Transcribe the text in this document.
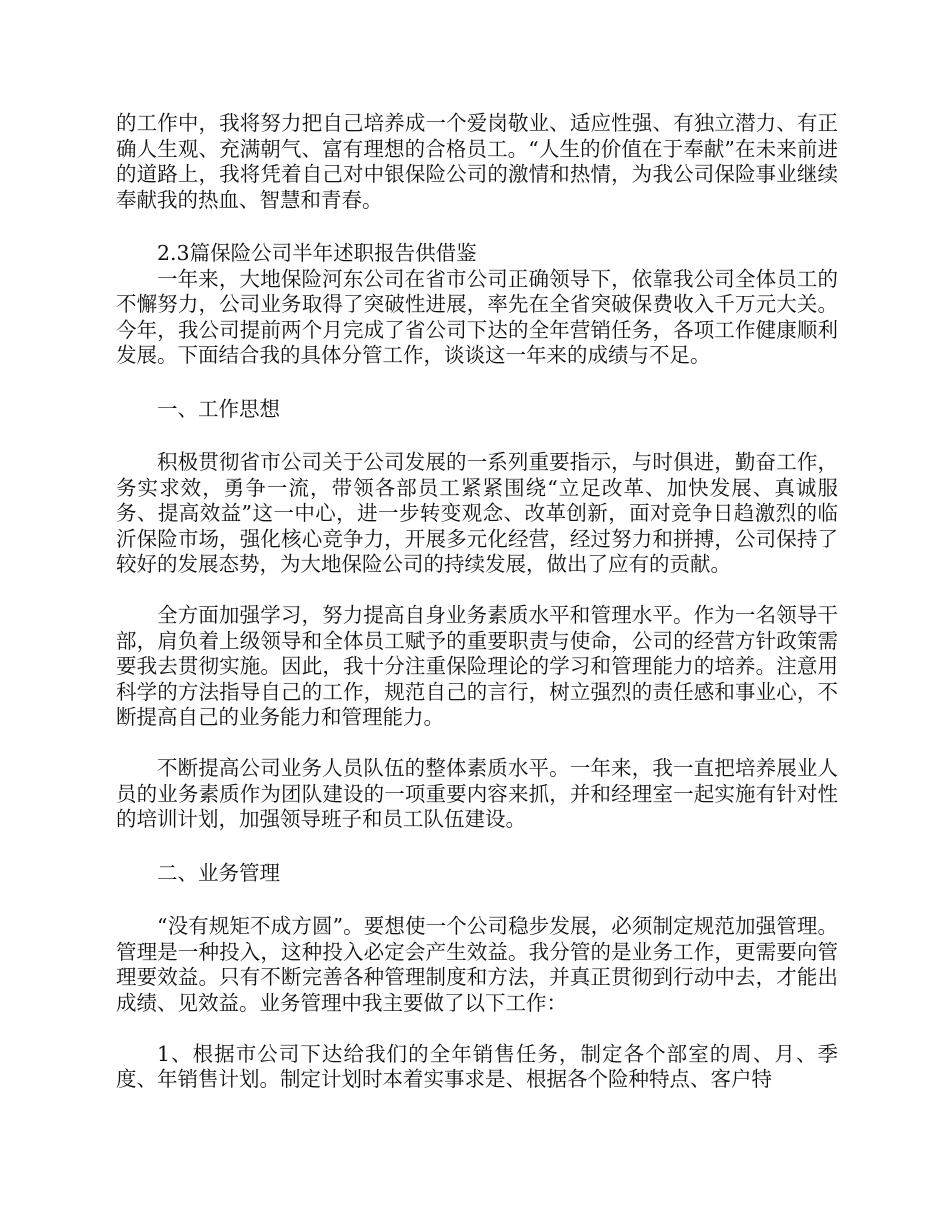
的工作中，我将努力把自己培养成一个爱岗敬业、适应性强、有独立潜力、有正确人生观、充满朝气、富有理想的合格员工。“人生的价值在于奉献”在未来前进的道路上，我将凭着自己对中银保险公司的激情和热情，为我公司保险事业继续奉献我的热血、智慧和青春。

2.3篇保险公司半年述职报告供借鉴

一年来，大地保险河东公司在省市公司正确领导下，依靠我公司全体员工的不懈努力，公司业务取得了突破性进展，率先在全省突破保费收入千万元大关。今年，我公司提前两个月完成了省公司下达的全年营销任务，各项工作健康顺利发展。下面结合我的具体分管工作，谈谈这一年来的成绩与不足。

一、工作思想

积极贯彻省市公司关于公司发展的一系列重要指示，与时俱进，勤奋工作，务实求效，勇争一流，带领各部员工紧紧围绕“立足改革、加快发展、真诚服务、提高效益”这一中心，进一步转变观念、改革创新，面对竞争日趋激烈的临沂保险市场，强化核心竞争力，开展多元化经营，经过努力和拼搏，公司保持了较好的发展态势，为大地保险公司的持续发展，做出了应有的贡献。

全方面加强学习，努力提高自身业务素质水平和管理水平。作为一名领导干部，肩负着上级领导和全体员工赋予的重要职责与使命，公司的经营方针政策需要我去贯彻实施。因此，我十分注重保险理论的学习和管理能力的培养。注意用科学的方法指导自己的工作，规范自己的言行，树立强烈的责任感和事业心，不断提高自己的业务能力和管理能力。

不断提高公司业务人员队伍的整体素质水平。一年来，我一直把培养展业人员的业务素质作为团队建设的一项重要内容来抓，并和经理室一起实施有针对性的培训计划，加强领导班子和员工队伍建设。

二、业务管理

“没有规矩不成方圆”。要想使一个公司稳步发展，必须制定规范加强管理。管理是一种投入，这种投入必定会产生效益。我分管的是业务工作，更需要向管理要效益。只有不断完善各种管理制度和方法，并真正贯彻到行动中去，才能出成绩、见效益。业务管理中我主要做了以下工作：

1、根据市公司下达给我们的全年销售任务，制定各个部室的周、月、季度、年销售计划。制定计划时本着实事求是、根据各个险种特点、客户特
